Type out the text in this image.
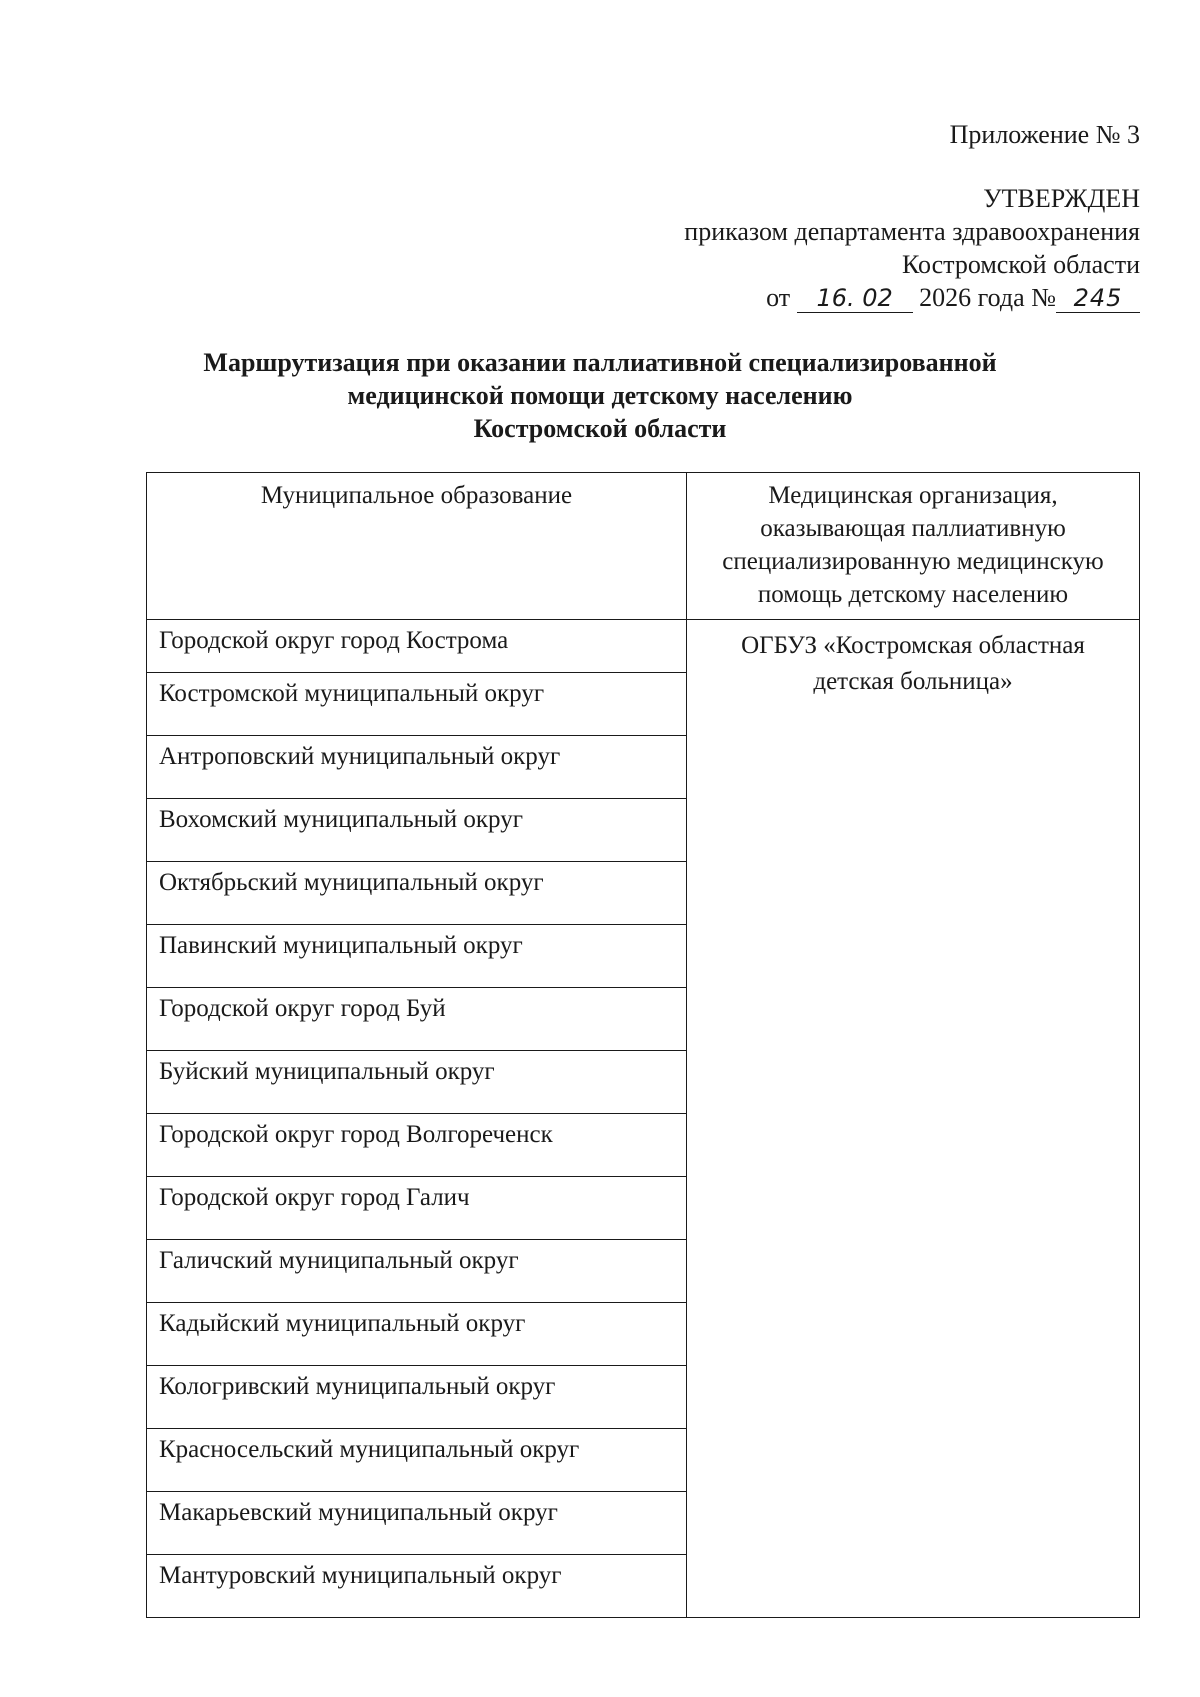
Приложение № 3
УТВЕРЖДЕН
приказом департамента здравоохранения
Костромской области
от 16. 02 2026 года № 245
Маршрутизация при оказании паллиативной специализированной
медицинской помощи детскому населению
Костромской области
Муниципальное образование	Медицинская организация,
оказывающая паллиативную
специализированную медицинскую
помощь детскому населению

Городской округ город Кострома	ОГБУЗ «Костромская областная
детская больница»

Костромской муниципальный округ	
Антроповский муниципальный округ	
Вохомский муниципальный округ	
Октябрьский муниципальный округ	
Павинский муниципальный округ	
Городской округ город Буй	
Буйский муниципальный округ	
Городской округ город Волгореченск	
Городской округ город Галич	
Галичский муниципальный округ	
Кадыйский муниципальный округ	
Кологривский муниципальный округ	
Красносельский муниципальный округ	
Макарьевский муниципальный округ	
Мантуровский муниципальный округ	
